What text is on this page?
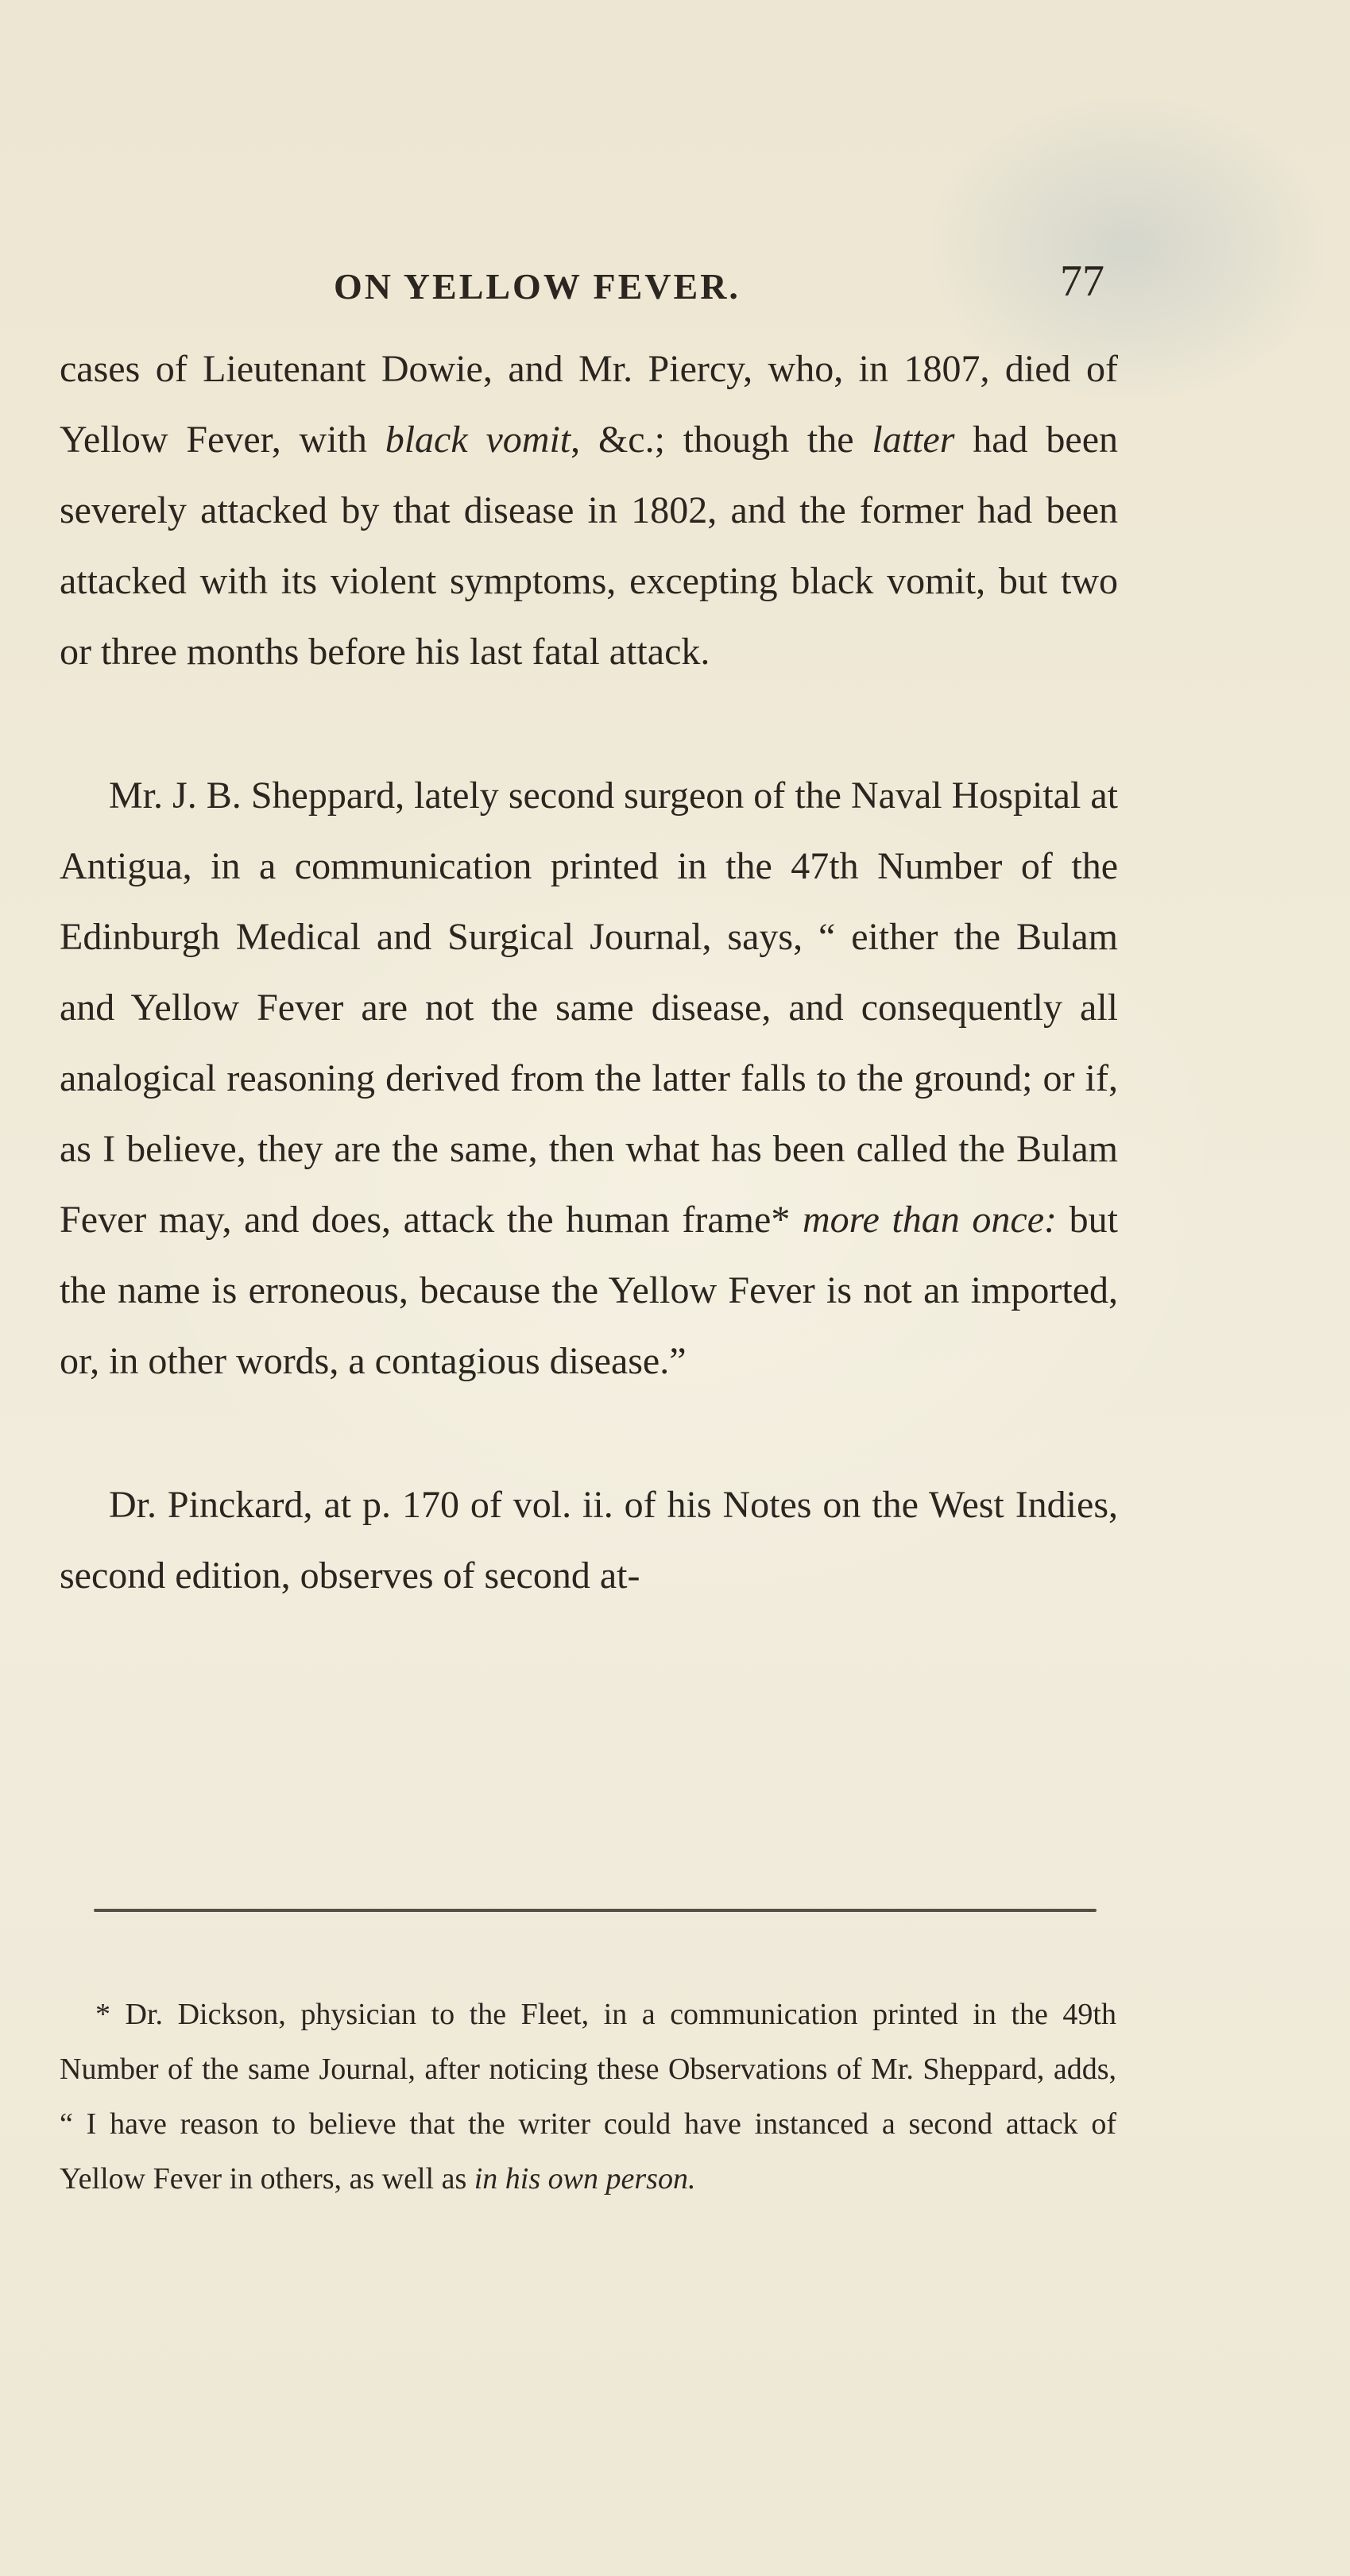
ON YELLOW FEVER.	77

cases of Lieutenant Dowie, and Mr. Piercy, who, in 1807, died of Yellow Fever, with black vomit, &c.; though the latter had been severely attacked by that disease in 1802, and the former had been attacked with its violent symptoms, excepting black vomit, but two or three months before his last fatal attack.

Mr. J. B. Sheppard, lately second surgeon of the Naval Hospital at Antigua, in a communication printed in the 47th Number of the Edinburgh Medical and Surgical Journal, says, “ either the Bulam and Yellow Fever are not the same disease, and consequently all analogical reasoning derived from the latter falls to the ground; or if, as I believe, they are the same, then what has been called the Bulam Fever may, and does, attack the human frame* more than once: but the name is erroneous, because the Yellow Fever is not an imported, or, in other words, a contagious disease.”

Dr. Pinckard, at p. 170 of vol. ii. of his Notes on the West Indies, second edition, observes of second at-

* Dr. Dickson, physician to the Fleet, in a communication printed in the 49th Number of the same Journal, after noticing these Observations of Mr. Sheppard, adds, “ I have reason to believe that the writer could have instanced a second attack of Yellow Fever in others, as well as in his own person.
